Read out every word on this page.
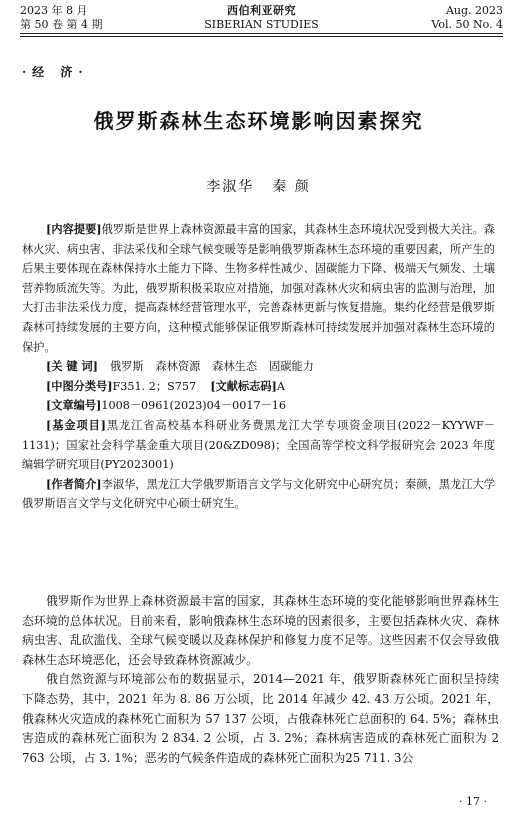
2023 年 8 月
第 50 卷 第 4 期
西伯利亚研究
SIBERIAN STUDIES
Aug. 2023
Vol. 50 No. 4
·经 济·
俄罗斯森林生态环境影响因素探究
李淑华 秦 颜

[内容提要]俄罗斯是世界上森林资源最丰富的国家，其森林生态环境状况受到极大关注。森林火灾、病虫害、非法采伐和全球气候变暖等是影响俄罗斯森林生态环境的重要因素，所产生的后果主要体现在森林保持水土能力下降、生物多样性减少、固碳能力下降、极端天气频发、土壤营养物质流失等。为此，俄罗斯积极采取应对措施，加强对森林火灾和病虫害的监测与治理，加大打击非法采伐力度，提高森林经营管理水平，完善森林更新与恢复措施。集约化经营是俄罗斯森林可持续发展的主要方向，这种模式能够保证俄罗斯森林可持续发展并加强对森林生态环境的保护。

[关 键 词] 俄罗斯 森林资源 森林生态 固碳能力

[中图分类号]F351. 2；S757 [文献标志码]A

[文章编号]1008－0961(2023)04－0017－16

[基金项目]黑龙江省高校基本科研业务费黑龙江大学专项资金项目(2022－KYYWF－1131)；国家社会科学基金重大项目(20&ZD098)；全国高等学校文科学报研究会 2023 年度编辑学研究项目(PY2023001)

[作者简介]李淑华，黑龙江大学俄罗斯语言文学与文化研究中心研究员；秦颜，黑龙江大学俄罗斯语言文学与文化研究中心硕士研究生。

俄罗斯作为世界上森林资源最丰富的国家，其森林生态环境的变化能够影响世界森林生态环境的总体状况。目前来看，影响俄森林生态环境的因素很多，主要包括森林火灾、森林病虫害、乱砍滥伐、全球气候变暖以及森林保护和修复力度不足等。这些因素不仅会导致俄森林生态环境恶化，还会导致森林资源减少。

俄自然资源与环境部公布的数据显示，2014—2021 年，俄罗斯森林死亡面积呈持续下降态势，其中，2021 年为 8. 86 万公顷，比 2014 年减少 42. 43 万公顷。2021 年，俄森林火灾造成的森林死亡面积为 57 137 公顷，占俄森林死亡总面积的 64. 5%；森林虫害造成的森林死亡面积为 2 834. 2 公顷，占 3. 2%；森林病害造成的森林死亡面积为 2 763 公顷，占 3. 1%；恶劣的气候条件造成的森林死亡面积为25 711. 3公

· 17 ·
